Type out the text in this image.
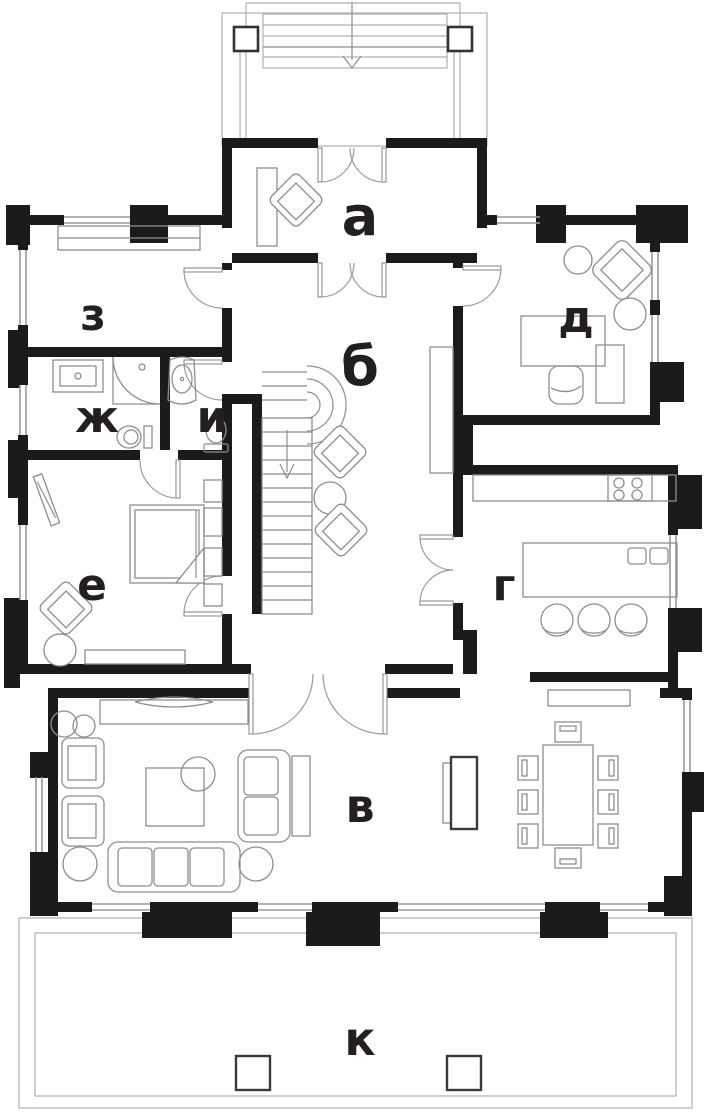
а
б
в
г
д
е
ж
з
и
к
